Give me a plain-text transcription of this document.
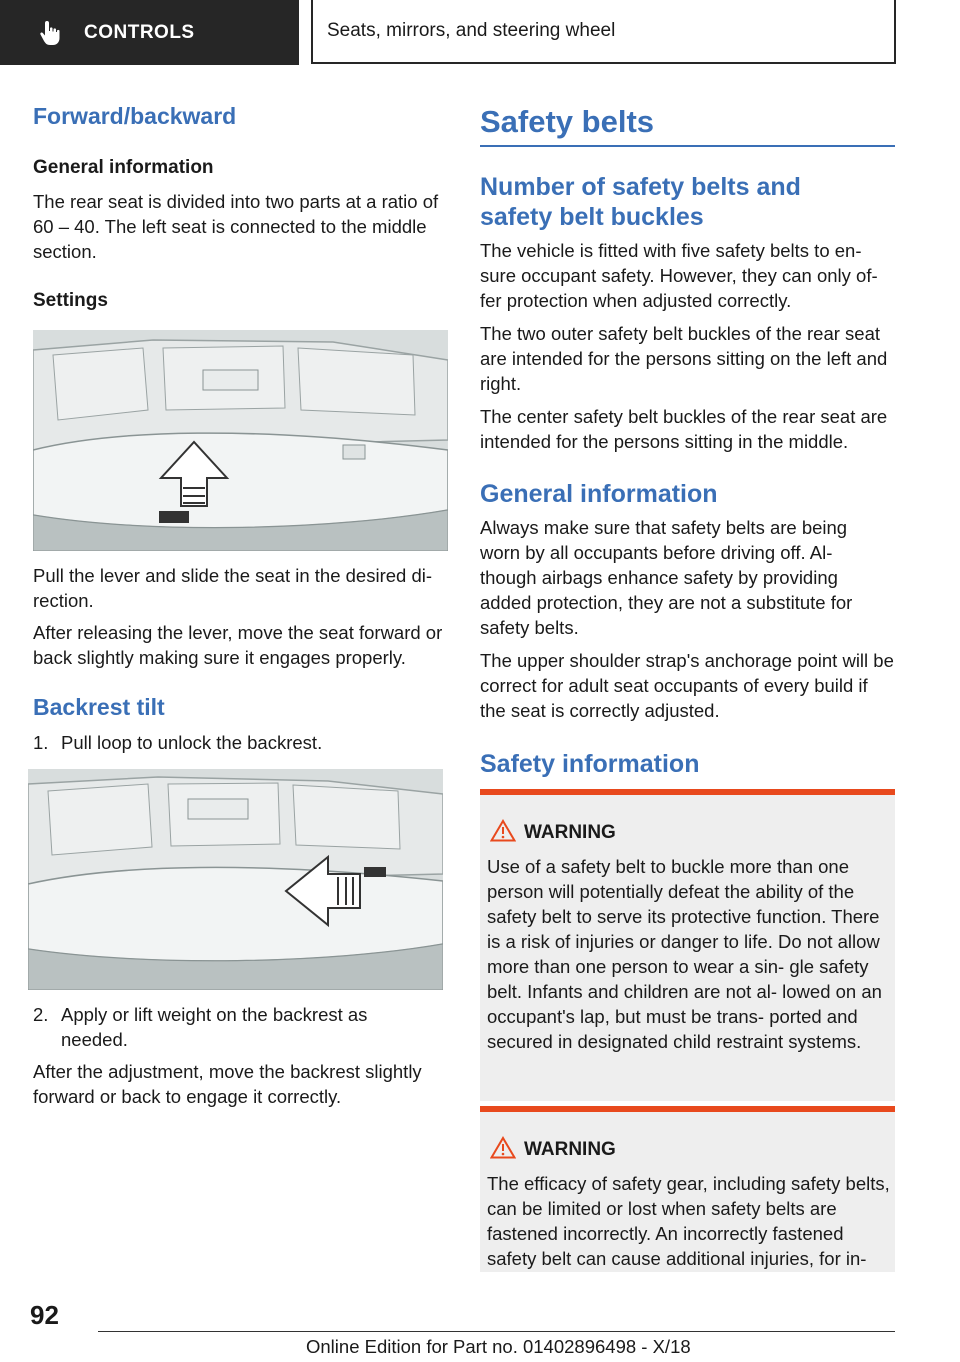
CONTROLS	Seats, mirrors, and steering wheel
Forward/backward
General information
The rear seat is divided into two parts at a ratio of 60 – 40. The left seat is connected to the middle section.
Settings
Pull the lever and slide the seat in the desired di‐ rection.
After releasing the lever, move the seat forward or back slightly making sure it engages properly.
Backrest tilt
1. Pull loop to unlock the backrest.
2. Apply or lift weight on the backrest as needed.
After the adjustment, move the backrest slightly forward or back to engage it correctly.
Safety belts
Number of safety belts and safety belt buckles
The vehicle is fitted with five safety belts to en‐ sure occupant safety. However, they can only of‐ fer protection when adjusted correctly.
The two outer safety belt buckles of the rear seat are intended for the persons sitting on the left and right.
The center safety belt buckles of the rear seat are intended for the persons sitting in the middle.
General information
Always make sure that safety belts are being worn by all occupants before driving off. Al‐ though airbags enhance safety by providing added protection, they are not a substitute for safety belts.
The upper shoulder strap's anchorage point will be correct for adult seat occupants of every build if the seat is correctly adjusted.
Safety information
WARNING
Use of a safety belt to buckle more than one person will potentially defeat the ability of the safety belt to serve its protective function. There is a risk of injuries or danger to life. Do not allow more than one person to wear a sin‐ gle safety belt. Infants and children are not al‐ lowed on an occupant's lap, but must be trans‐ ported and secured in designated child restraint systems.
WARNING
The efficacy of safety gear, including safety belts, can be limited or lost when safety belts are fastened incorrectly. An incorrectly fastened safety belt can cause additional injuries, for in‐
92
Online Edition for Part no. 01402896498 - X/18
